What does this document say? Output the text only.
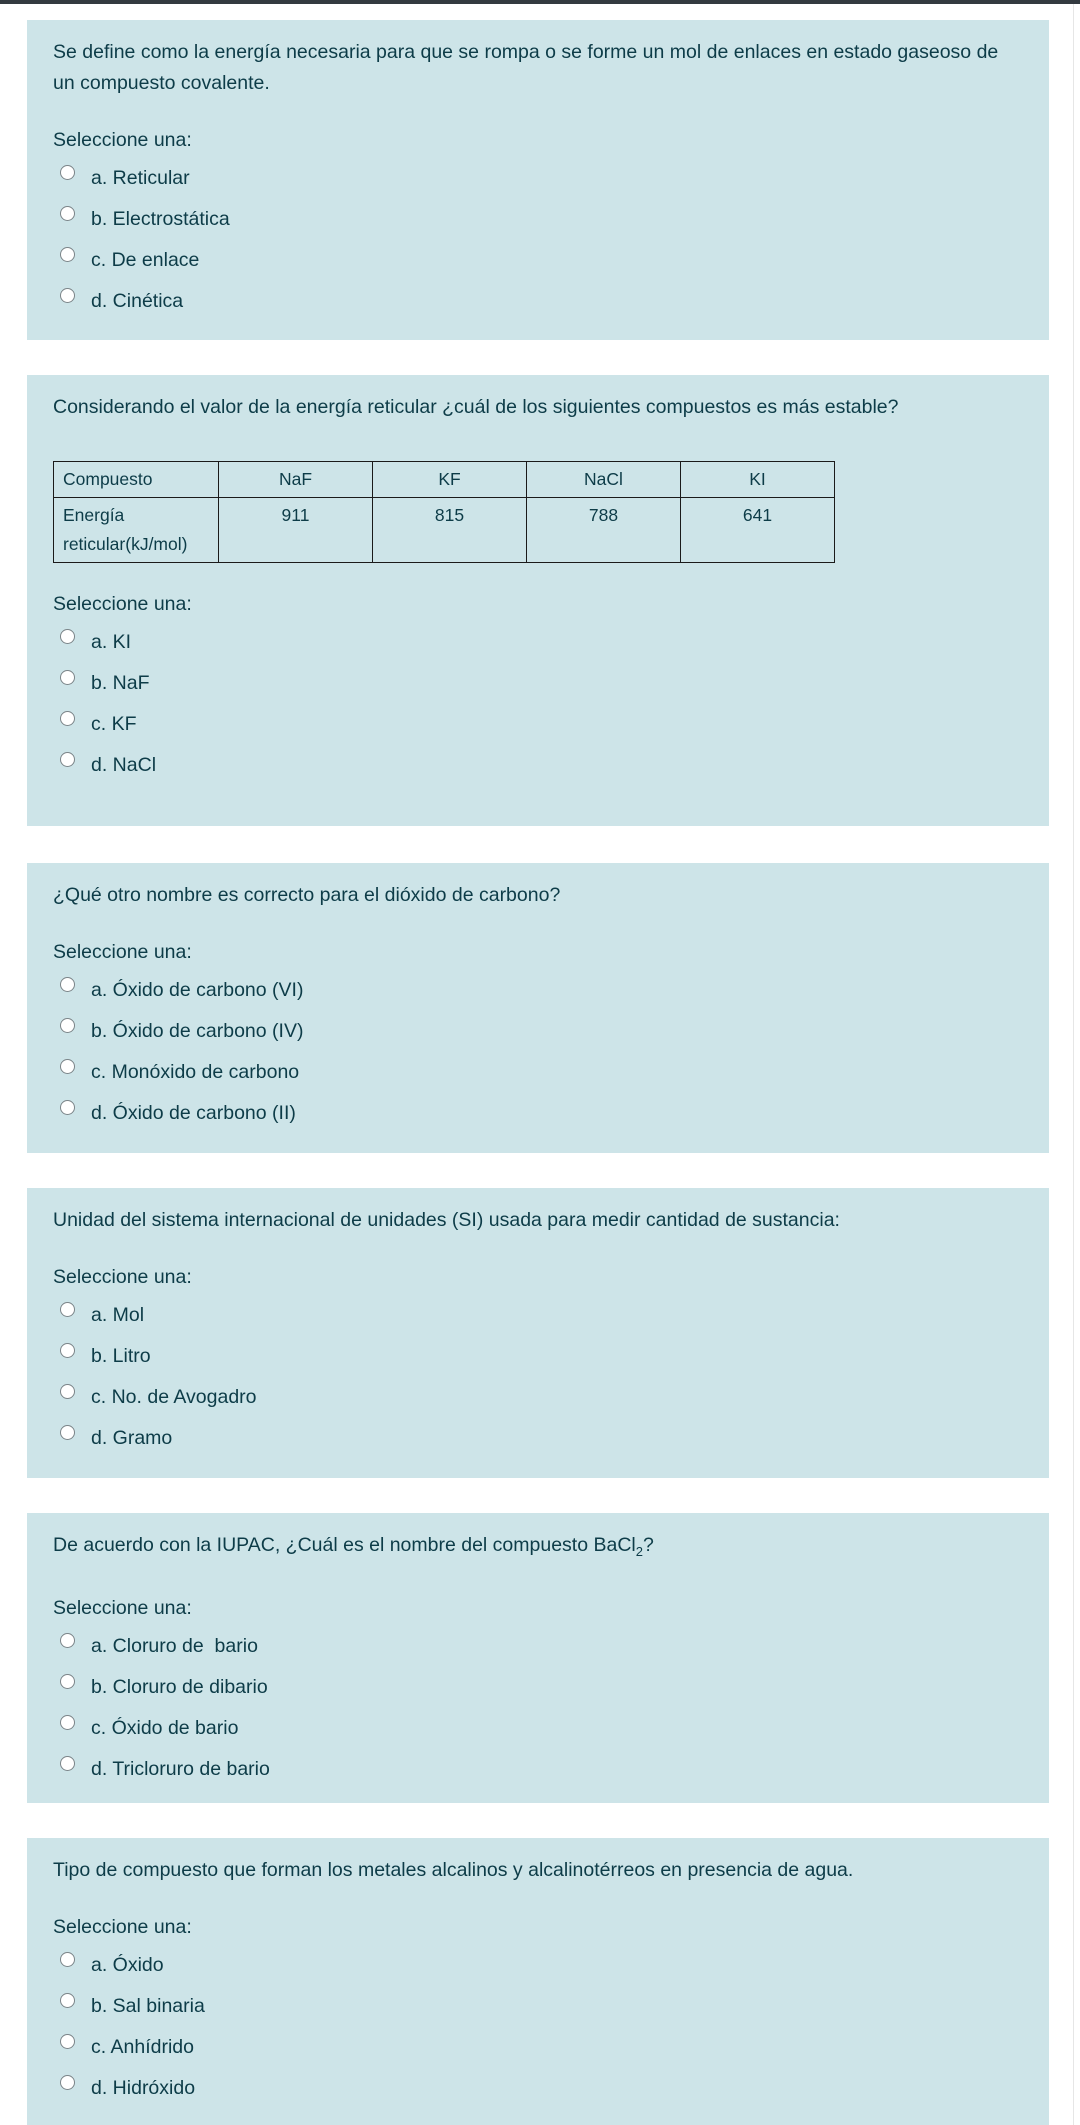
Se define como la energía necesaria para que se rompa o se forme un mol de enlaces en estado gaseoso de un compuesto covalente.

Seleccione una:

a. Reticular
b. Electrostática
c. De enlace
d. Cinética

Considerando el valor de la energía reticular ¿cuál de los siguientes compuestos es más estable?

Compuesto	NaF	KF	NaCl	KI
Energía reticular(kJ/mol)	911	815	788	641

Seleccione una:

a. KI
b. NaF
c. KF
d. NaCl

¿Qué otro nombre es correcto para el dióxido de carbono?

Seleccione una:

a. Óxido de carbono (VI)
b. Óxido de carbono (IV)
c. Monóxido de carbono
d. Óxido de carbono (II)

Unidad del sistema internacional de unidades (SI) usada para medir cantidad de sustancia:

Seleccione una:

a. Mol
b. Litro
c. No. de Avogadro
d. Gramo

De acuerdo con la IUPAC, ¿Cuál es el nombre del compuesto BaCl$_2$?

Seleccione una:

a. Cloruro de  bario
b. Cloruro de dibario
c. Óxido de bario
d. Tricloruro de bario

Tipo de compuesto que forman los metales alcalinos y alcalinotérreos en presencia de agua.

Seleccione una:

a. Óxido
b. Sal binaria
c. Anhídrido
d. Hidróxido
